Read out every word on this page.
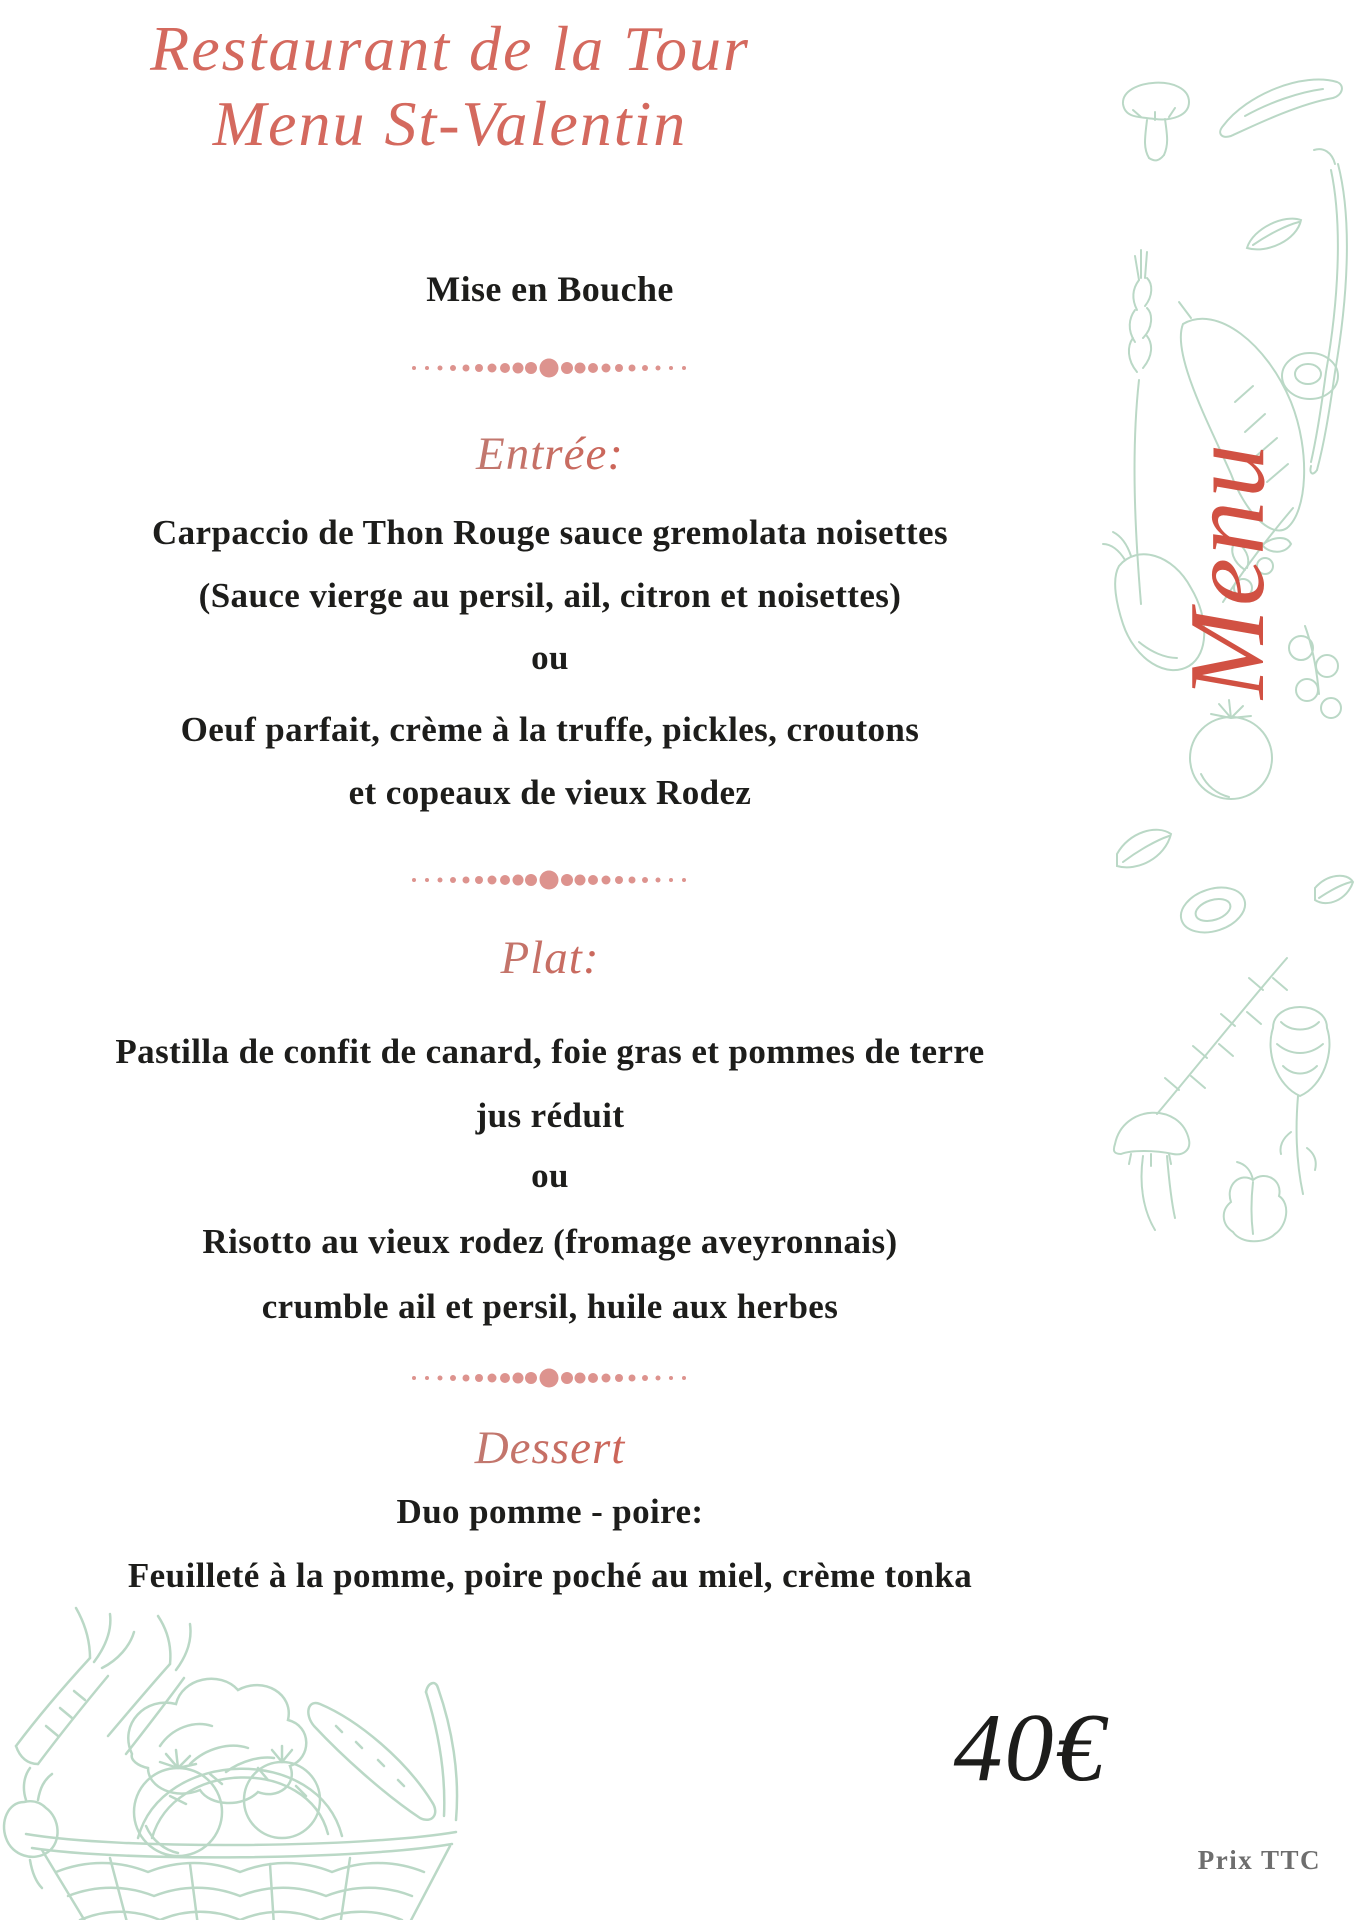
Menu
Restaurant de la Tour
Menu St-Valentin
Mise en Bouche
Entrée:
Carpaccio de Thon Rouge sauce gremolata noisettes
(Sauce vierge au persil, ail, citron et noisettes)
ou
Oeuf parfait, crème à la truffe, pickles, croutons
et copeaux de vieux Rodez
Plat:
Pastilla de confit de canard, foie gras et pommes de terre
jus réduit
ou
Risotto au vieux rodez (fromage aveyronnais)
crumble ail et persil, huile aux herbes
Dessert
Duo pomme - poire:
Feuilleté à la pomme, poire poché au miel, crème tonka
40€
Prix TTC
